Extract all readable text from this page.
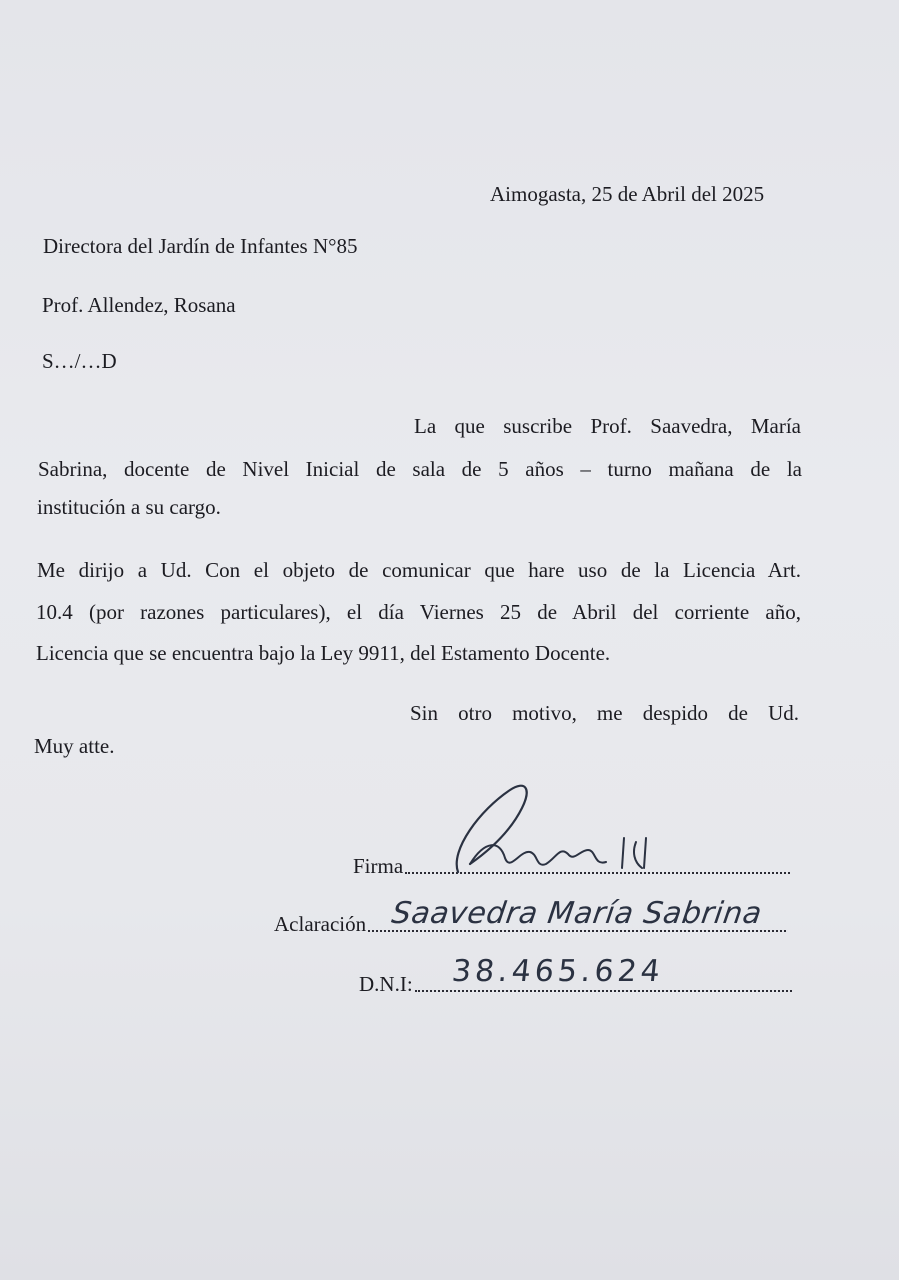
Aimogasta, 25 de Abril del 2025
Directora del Jardín de Infantes N°85
Prof. Allendez, Rosana
S…/…D
La que suscribe Prof. Saavedra, María
Sabrina, docente de Nivel Inicial de sala de 5 años – turno mañana de la
institución a su cargo.
Me dirijo a Ud. Con el objeto de comunicar que hare uso de la Licencia Art.
10.4 (por razones particulares), el día Viernes 25 de Abril del corriente año,
Licencia que se encuentra bajo la Ley 9911, del Estamento Docente.
Sin otro motivo, me despido de Ud.
Muy atte.
Firma
Aclaración
D.N.I:
Saavedra María Sabrina
38.465.624
